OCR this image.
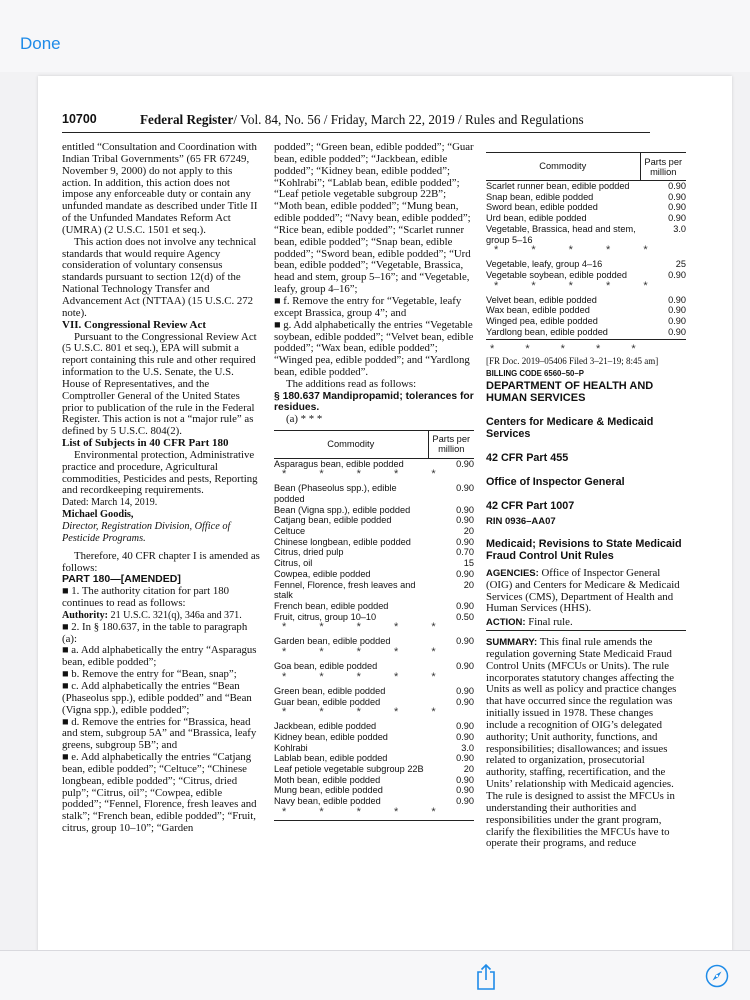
Done
10700	Federal Register/ Vol. 84, No. 56 / Friday, March 22, 2019 / Rules and Regulations

entitled “Consultation and Coordination with Indian Tribal Governments” (65 FR 67249, November 9, 2000) do not apply to this action. In addition, this action does not impose any enforceable duty or contain any unfunded mandate as described under Title II of the Unfunded Mandates Reform Act (UMRA) (2 U.S.C. 1501 et seq.).

This action does not involve any technical standards that would require Agency consideration of voluntary consensus standards pursuant to section 12(d) of the National Technology Transfer and Advancement Act (NTTAA) (15 U.S.C. 272 note).

VII. Congressional Review Act

Pursuant to the Congressional Review Act (5 U.S.C. 801 et seq.), EPA will submit a report containing this rule and other required information to the U.S. Senate, the U.S. House of Representatives, and the Comptroller General of the United States prior to publication of the rule in the Federal Register. This action is not a “major rule” as defined by 5 U.S.C. 804(2).

List of Subjects in 40 CFR Part 180

Environmental protection, Administrative practice and procedure, Agricultural commodities, Pesticides and pests, Reporting and recordkeeping requirements.

Dated: March 14, 2019.

Michael Goodis,

Director, Registration Division, Office of Pesticide Programs.

Therefore, 40 CFR chapter I is amended as follows:

PART 180—[AMENDED]

■ 1. The authority citation for part 180 continues to read as follows:

Authority: 21 U.S.C. 321(q), 346a and 371.

■ 2. In § 180.637, in the table to paragraph (a):

■ a. Add alphabetically the entry “Asparagus bean, edible podded”;

■ b. Remove the entry for “Bean, snap”;

■ c. Add alphabetically the entries “Bean (Phaseolus spp.), edible podded” and “Bean (Vigna spp.), edible podded”;

■ d. Remove the entries for “Brassica, head and stem, subgroup 5A” and “Brassica, leafy greens, subgroup 5B”; and

■ e. Add alphabetically the entries “Catjang bean, edible podded”; “Celtuce”; “Chinese longbean, edible podded”; “Citrus, dried pulp”; “Citrus, oil”; “Cowpea, edible podded”; “Fennel, Florence, fresh leaves and stalk”; “French bean, edible podded”; “Fruit, citrus, group 10–10”; “Garden

podded”; “Green bean, edible podded”; “Guar bean, edible podded”; “Jackbean, edible podded”; “Kidney bean, edible podded”; “Kohlrabi”; “Lablab bean, edible podded”; “Leaf petiole vegetable subgroup 22B”; “Moth bean, edible podded”; “Mung bean, edible podded”; “Navy bean, edible podded”; “Rice bean, edible podded”; “Scarlet runner bean, edible podded”; “Snap bean, edible podded”; “Sword bean, edible podded”; “Urd bean, edible podded”; “Vegetable, Brassica, head and stem, group 5–16”; and “Vegetable, leafy, group 4–16”;

■ f. Remove the entry for “Vegetable, leafy except Brassica, group 4”; and

■ g. Add alphabetically the entries “Vegetable soybean, edible podded”; “Velvet bean, edible podded”; “Wax bean, edible podded”; “Winged pea, edible podded”; and “Yardlong bean, edible podded”.

The additions read as follows:

§ 180.637 Mandipropamid; tolerances for residues.

(a) * * *

Commodity	Parts per million
Asparagus bean, edible podded	0.90
* * * * *	
Bean (Phaseolus spp.), edible podded	0.90
Bean (Vigna spp.), edible podded	0.90
Catjang bean, edible podded	0.90
Celtuce	20
Chinese longbean, edible podded	0.90
Citrus, dried pulp	0.70
Citrus, oil	15
Cowpea, edible podded	0.90
Fennel, Florence, fresh leaves and stalk	20
French bean, edible podded	0.90
Fruit, citrus, group 10–10	0.50
* * * * *	
Garden bean, edible podded	0.90
* * * * *	
Goa bean, edible podded	0.90
* * * * *	
Green bean, edible podded	0.90
Guar bean, edible podded	0.90
* * * * *	
Jackbean, edible podded	0.90
Kidney bean, edible podded	0.90
Kohlrabi	3.0
Lablab bean, edible podded	0.90
Leaf petiole vegetable subgroup 22B	20
Moth bean, edible podded	0.90
Mung bean, edible podded	0.90
Navy bean, edible podded	0.90
* * * * *	
Commodity	Parts per million
Scarlet runner bean, edible podded	0.90
Snap bean, edible podded	0.90
Sword bean, edible podded	0.90
Urd bean, edible podded	0.90
Vegetable, Brassica, head and stem, group 5–16	3.0
* * * * *	
Vegetable, leafy, group 4–16	25
Vegetable soybean, edible podded	0.90
* * * * *	
Velvet bean, edible podded	0.90
Wax bean, edible podded	0.90
Winged pea, edible podded	0.90
Yardlong bean, edible podded	0.90

* * * * *

[FR Doc. 2019–05406 Filed 3–21–19; 8:45 am]

BILLING CODE 6560–50–P

DEPARTMENT OF HEALTH AND HUMAN SERVICES

Centers for Medicare & Medicaid Services

42 CFR Part 455

Office of Inspector General

42 CFR Part 1007

RIN 0936–AA07

Medicaid; Revisions to State Medicaid Fraud Control Unit Rules

AGENCIES: Office of Inspector General (OIG) and Centers for Medicare & Medicaid Services (CMS), Department of Health and Human Services (HHS).

ACTION: Final rule.

SUMMARY: This final rule amends the regulation governing State Medicaid Fraud Control Units (MFCUs or Units). The rule incorporates statutory changes affecting the Units as well as policy and practice changes that have occurred since the regulation was initially issued in 1978. These changes include a recognition of OIG’s delegated authority; Unit authority, functions, and responsibilities; disallowances; and issues related to organization, prosecutorial authority, staffing, recertification, and the Units’ relationship with Medicaid agencies. The rule is designed to assist the MFCUs in understanding their authorities and responsibilities under the grant program, clarify the flexibilities the MFCUs have to operate their programs, and reduce
